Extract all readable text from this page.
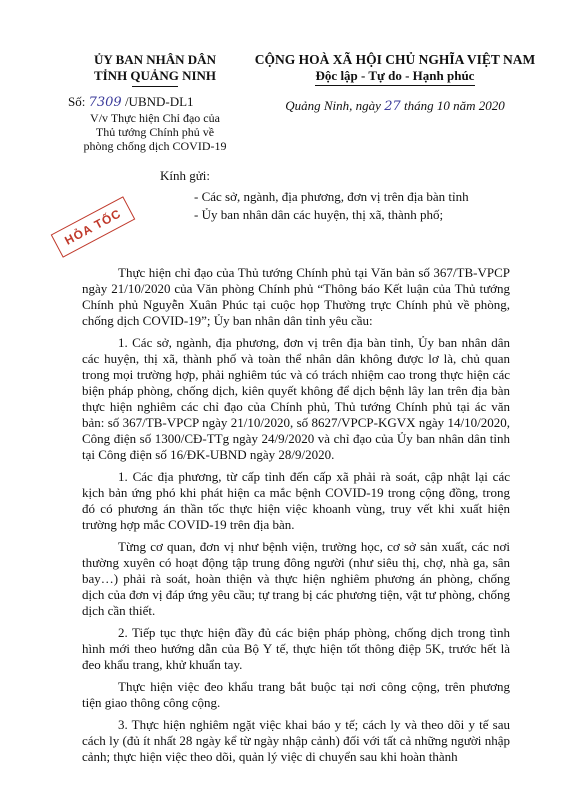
ỦY BAN NHÂN DÂN
TỈNH QUẢNG NINH
Số: 7309 /UBND-DL1
V/v Thực hiện Chỉ đạo của
Thủ tướng Chính phủ về
phòng chống dịch COVID-19
CỘNG HOÀ XÃ HỘI CHỦ NGHĨA VIỆT NAM
Độc lập - Tự do - Hạnh phúc
Quảng Ninh, ngày 27 tháng 10 năm 2020
Kính gửi:
- Các sở, ngành, địa phương, đơn vị trên địa bàn tỉnh
- Ủy ban nhân dân các huyện, thị xã, thành phố;
HỎA TỐC

Thực hiện chỉ đạo của Thủ tướng Chính phủ tại Văn bản số 367/TB-VPCP ngày 21/10/2020 của Văn phòng Chính phủ “Thông báo Kết luận của Thủ tướng Chính phủ Nguyễn Xuân Phúc tại cuộc họp Thường trực Chính phủ về phòng, chống dịch COVID-19”; Ủy ban nhân dân tỉnh yêu cầu:

1. Các sở, ngành, địa phương, đơn vị trên địa bàn tỉnh, Ủy ban nhân dân các huyện, thị xã, thành phố và toàn thể nhân dân không được lơ là, chủ quan trong mọi trường hợp, phải nghiêm túc và có trách nhiệm cao trong thực hiện các biện pháp phòng, chống dịch, kiên quyết không để dịch bệnh lây lan trên địa bàn thực hiện nghiêm các chỉ đạo của Chính phủ, Thủ tướng Chính phủ tại ác văn bản: số 367/TB-VPCP ngày 21/10/2020, số 8627/VPCP-KGVX ngày 14/10/2020, Công điện số 1300/CĐ-TTg ngày 24/9/2020 và chỉ đạo của Ủy ban nhân dân tỉnh tại Công điện số 16/ĐK-UBND ngày 28/9/2020.

1. Các địa phương, từ cấp tỉnh đến cấp xã phải rà soát, cập nhật lại các kịch bản ứng phó khi phát hiện ca mắc bệnh COVID-19 trong cộng đồng, trong đó có phương án thần tốc thực hiện việc khoanh vùng, truy vết khi xuất hiện trường hợp mắc COVID-19 trên địa bàn.

Từng cơ quan, đơn vị như bệnh viện, trường học, cơ sở sản xuất, các nơi thường xuyên có hoạt động tập trung đông người (như siêu thị, chợ, nhà ga, sân bay…) phải rà soát, hoàn thiện và thực hiện nghiêm phương án phòng, chống dịch của đơn vị đáp ứng yêu cầu; tự trang bị các phương tiện, vật tư phòng, chống dịch cần thiết.

2. Tiếp tục thực hiện đầy đủ các biện pháp phòng, chống dịch trong tình hình mới theo hướng dẫn của Bộ Y tế, thực hiện tốt thông điệp 5K, trước hết là đeo khẩu trang, khử khuẩn tay.

Thực hiện việc đeo khẩu trang bắt buộc tại nơi công cộng, trên phương tiện giao thông công cộng.

3. Thực hiện nghiêm ngặt việc khai báo y tế; cách ly và theo dõi y tế sau cách ly (đủ ít nhất 28 ngày kể từ ngày nhập cảnh) đối với tất cả những người nhập cảnh; thực hiện việc theo dõi, quản lý việc di chuyển sau khi hoàn thành
